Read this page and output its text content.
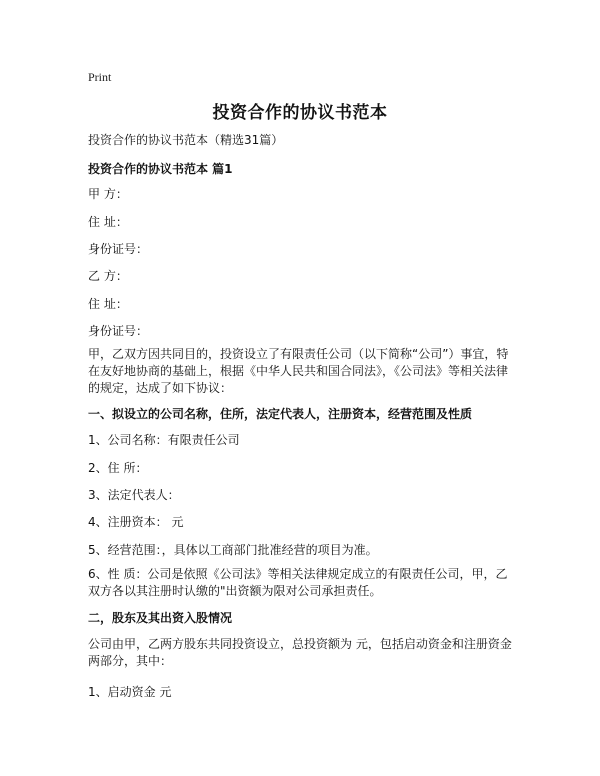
Print
投资合作的协议书范本
投资合作的协议书范本（精选31篇）
投资合作的协议书范本 篇1
甲 方：
住 址：
身份证号：
乙 方：
住 址：
身份证号：
甲，乙双方因共同目的，投资设立了有限责任公司（以下简称“公司”）事宜，特在友好地协商的基础上，根据《中华人民共和国合同法》，《公司法》等相关法律的规定，达成了如下协议：
一、拟设立的公司名称，住所，法定代表人，注册资本，经营范围及性质
1、公司名称：有限责任公司
2、住 所：
3、法定代表人：
4、注册资本： 元
5、经营范围：，具体以工商部门批准经营的项目为准。
6、性 质：公司是依照《公司法》等相关法律规定成立的有限责任公司，甲，乙双方各以其注册时认缴的"出资额为限对公司承担责任。
二，股东及其出资入股情况
公司由甲，乙两方股东共同投资设立，总投资额为 元，包括启动资金和注册资金两部分，其中：
1、启动资金 元
